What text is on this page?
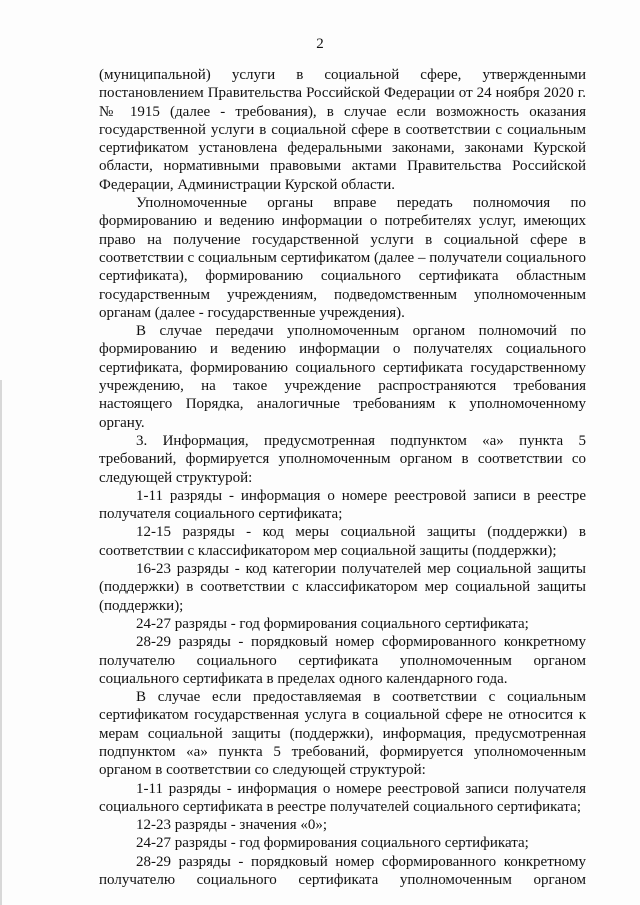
2

(муниципальной) услуги в социальной сфере, утвержденными постановлением Правительства Российской Федерации от 24 ноября 2020 г. № 1915 (далее - требования), в случае если возможность оказания государственной услуги в социальной сфере в соответствии с социальным сертификатом установлена федеральными законами, законами Курской области, нормативными правовыми актами Правительства Российской Федерации, Администрации Курской области.

Уполномоченные органы вправе передать полномочия по формированию и ведению информации о потребителях услуг, имеющих право на получение государственной услуги в социальной сфере в соответствии с социальным сертификатом (далее – получатели социального сертификата), формированию социального сертификата областным государственным учреждениям, подведомственным уполномоченным органам (далее - государственные учреждения).

В случае передачи уполномоченным органом полномочий по формированию и ведению информации о получателях социального сертификата, формированию социального сертификата государственному учреждению, на такое учреждение распространяются требования настоящего Порядка, аналогичные требованиям к уполномоченному органу.

3. Информация, предусмотренная подпунктом «а» пункта 5 требований, формируется уполномоченным органом в соответствии со следующей структурой:

1-11 разряды - информация о номере реестровой записи в реестре получателя социального сертификата;

12-15 разряды - код меры социальной защиты (поддержки) в соответствии с классификатором мер социальной защиты (поддержки);

16-23 разряды - код категории получателей мер социальной защиты (поддержки) в соответствии с классификатором мер социальной защиты (поддержки);

24-27 разряды - год формирования социального сертификата;

28-29 разряды - порядковый номер сформированного конкретному получателю социального сертификата уполномоченным органом социального сертификата в пределах одного календарного года.

В случае если предоставляемая в соответствии с социальным сертификатом государственная услуга в социальной сфере не относится к мерам социальной защиты (поддержки), информация, предусмотренная подпунктом «а» пункта 5 требований, формируется уполномоченным органом в соответствии со следующей структурой:

1-11 разряды - информация о номере реестровой записи получателя социального сертификата в реестре получателей социального сертификата;

12-23 разряды - значения «0»;

24-27 разряды - год формирования социального сертификата;

28-29 разряды - порядковый номер сформированного конкретному получателю социального сертификата уполномоченным органом
